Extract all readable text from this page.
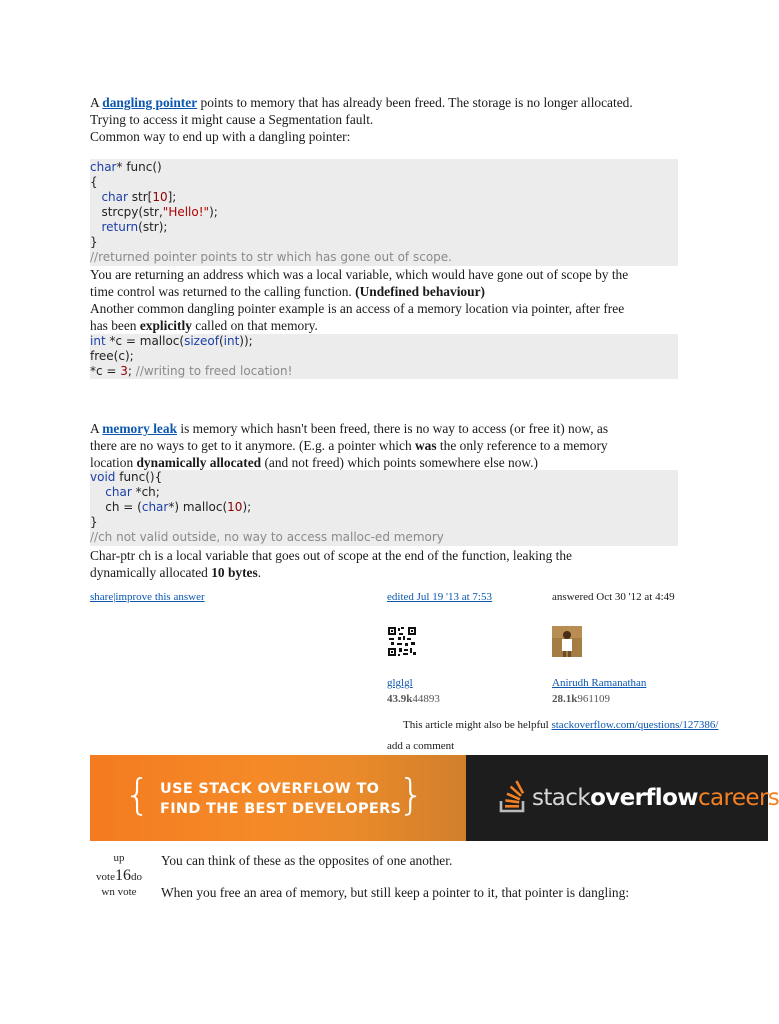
A dangling pointer points to memory that has already been freed. The storage is no longer allocated.
Trying to access it might cause a Segmentation fault.
Common way to end up with a dangling pointer:
char* func()
{
char str[10];
strcpy(str,"Hello!");
return(str);
}
//returned pointer points to str which has gone out of scope.
You are returning an address which was a local variable, which would have gone out of scope by the
time control was returned to the calling function. (Undefined behaviour)
Another common dangling pointer example is an access of a memory location via pointer, after free
has been explicitly called on that memory.
int *c = malloc(sizeof(int));
free(c);
*c = 3; //writing to freed location!
A memory leak is memory which hasn't been freed, there is no way to access (or free it) now, as
there are no ways to get to it anymore. (E.g. a pointer which was the only reference to a memory
location dynamically allocated (and not freed) which points somewhere else now.)
void func(){
char *ch;
ch = (char*) malloc(10);
}
//ch not valid outside, no way to access malloc-ed memory
Char-ptr ch is a local variable that goes out of scope at the end of the function, leaking the
dynamically allocated 10 bytes.
share|improve this answer	edited Jul 19 '13 at 7:53	answered Oct 30 '12 at 4:49
glglgl
43.9k44893
Anirudh Ramanathan
28.1k961109
This article might also be helpful stackoverflow.com/questions/127386/
add a comment
{ USE STACK OVERFLOW TO
FIND THE BEST DEVELOPERS
}	stackoverflowcareers
up
vote16do
wn vote
You can think of these as the opposites of one another.
When you free an area of memory, but still keep a pointer to it, that pointer is dangling:
